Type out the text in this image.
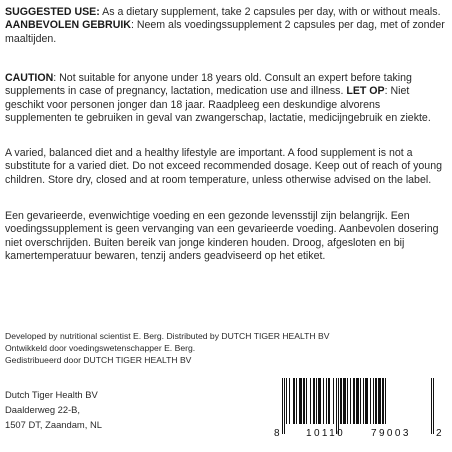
SUGGESTED USE: As a dietary supplement, take 2 capsules per day, with or without meals. AANBEVOLEN GEBRUIK: Neem als voedingssupplement 2 capsules per dag, met of zonder maaltijden.

CAUTION: Not suitable for anyone under 18 years old. Consult an expert before taking supplements in case of pregnancy, lactation, medication use and illness. LET OP: Niet geschikt voor personen jonger dan 18 jaar. Raadpleeg een deskundige alvorens supplementen te gebruiken in geval van zwangerschap, lactatie, medicijngebruik en ziekte.

A varied, balanced diet and a healthy lifestyle are important. A food supplement is not a substitute for a varied diet. Do not exceed recommended dosage. Keep out of reach of young children. Store dry, closed and at room temperature, unless otherwise advised on the label.

Een gevarieerde, evenwichtige voeding en een gezonde levensstijl zijn belangrijk. Een voedingssupplement is geen vervanging van een gevarieerde voeding. Aanbevolen dosering niet overschrijden. Buiten bereik van jonge kinderen houden. Droog, afgesloten en bij kamertemperatuur bewaren, tenzij anders geadviseerd op het etiket.

Developed by nutritional scientist E. Berg. Distributed by DUTCH TIGER HEALTH BV
Ontwikkeld door voedingswetenschapper E. Berg.
Gedistribueerd door DUTCH TIGER HEALTH BV
Dutch Tiger Health BV
Daalderweg 22-B,
1507 DT, Zaandam, NL
8	10110	79003	2
